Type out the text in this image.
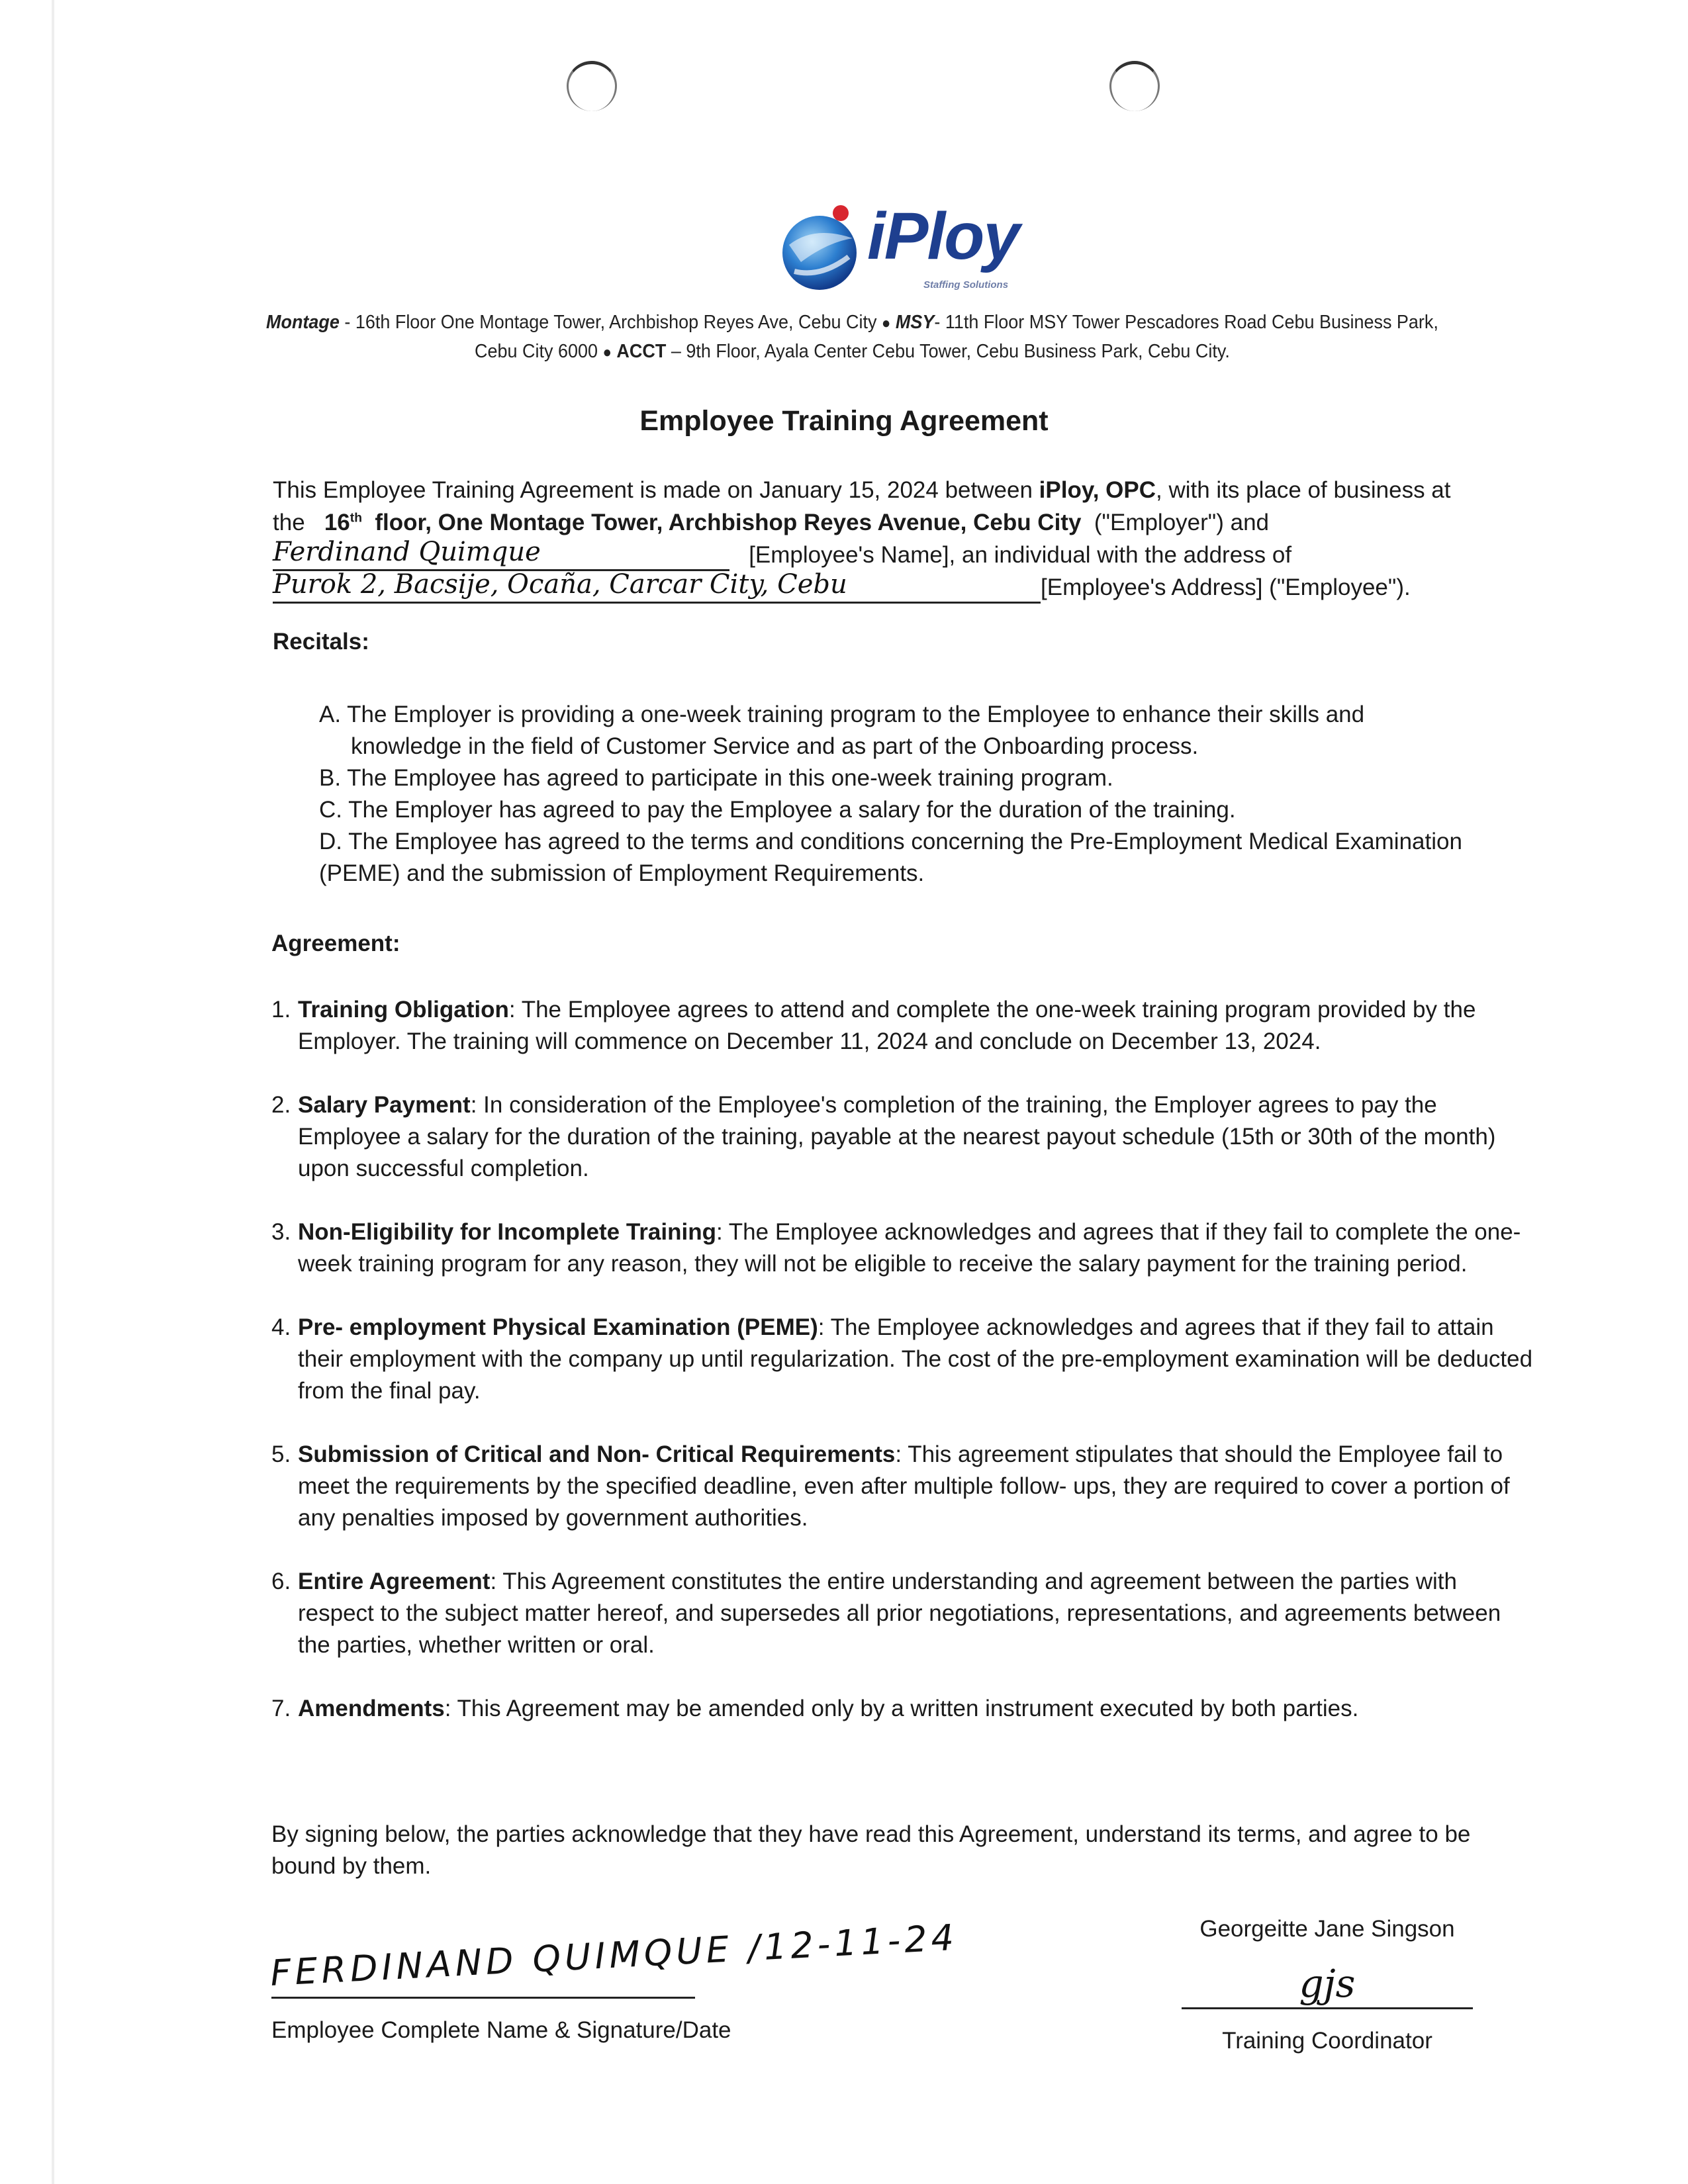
iPloy
Staffing Solutions
Montage - 16th Floor One Montage Tower, Archbishop Reyes Ave, Cebu City ● MSY- 11th Floor MSY Tower Pescadores Road Cebu Business Park, Cebu City 6000 ● ACCT – 9th Floor, Ayala Center Cebu Tower, Cebu Business Park, Cebu City.
Employee Training Agreement
This Employee Training Agreement is made on January 15, 2024 between
iPloy, OPC , with its place of business at
the
16th floor, One Montage Tower, Archbishop Reyes Avenue, Cebu City
("Employer") and
Ferdinand Quimque
	[Employee's Name], an individual with the address of
Purok 2, Bacsije, Ocaña, Carcar City, Cebu	[Employee's Address] ("Employee").
Recitals:
A. The Employer is providing a one-week training program to the Employee to enhance their skills and
knowledge in the field of Customer Service and as part of the Onboarding process.
B. The Employee has agreed to participate in this one-week training program.
C. The Employer has agreed to pay the Employee a salary for the duration of the training.
D. The Employee has agreed to the terms and conditions concerning the Pre-Employment Medical Examination
(PEME) and the submission of Employment Requirements.
Agreement:
1. Training Obligation: The Employee agrees to attend and complete the one-week training program provided by the Employer. The training will commence on December 11, 2024 and conclude on December 13, 2024.
2. Salary Payment: In consideration of the Employee's completion of the training, the Employer agrees to pay the Employee a salary for the duration of the training, payable at the nearest payout schedule (15th or 30th of the month) upon successful completion.
3. Non-Eligibility for Incomplete Training: The Employee acknowledges and agrees that if they fail to complete the one-week training program for any reason, they will not be eligible to receive the salary payment for the training period.
4. Pre- employment Physical Examination (PEME): The Employee acknowledges and agrees that if they fail to attain their employment with the company up until regularization. The cost of the pre-employment examination will be deducted from the final pay.
5. Submission of Critical and Non- Critical Requirements: This agreement stipulates that should the Employee fail to meet the requirements by the specified deadline, even after multiple follow- ups, they are required to cover a portion of any penalties imposed by government authorities.
6. Entire Agreement: This Agreement constitutes the entire understanding and agreement between the parties with respect to the subject matter hereof, and supersedes all prior negotiations, representations, and agreements between the parties, whether written or oral.
7. Amendments: This Agreement may be amended only by a written instrument executed by both parties.
By signing below, the parties acknowledge that they have read this Agreement, understand its terms, and agree to be bound by them.
FERDINAND QUIMQUE /12-11-24
Employee Complete Name & Signature/Date
Georgeitte Jane Singson
gjs
Training Coordinator
